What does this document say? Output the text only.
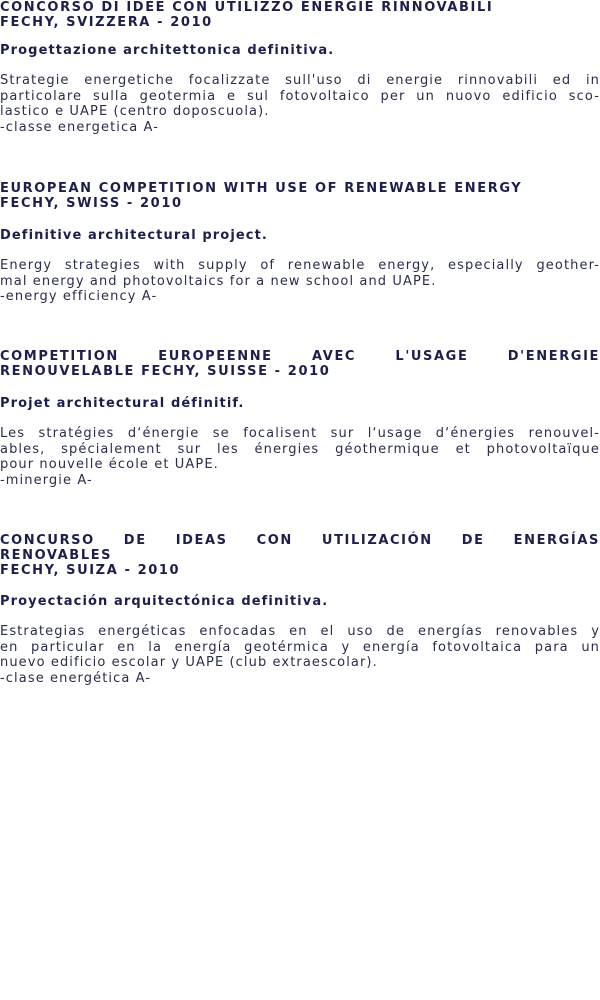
CONCORSO DI IDEE CON UTILIZZO ENERGIE RINNOVABILI
FECHY, SVIZZERA - 2010

Progettazione architettonica definitiva.

Strategie energetiche focalizzate sull'uso di energie rinnovabili ed in
particolare sulla geotermia e sul fotovoltaico per un nuovo edificio sco-
lastico e UAPE (centro doposcuola).
-classe energetica A-

EUROPEAN COMPETITION WITH USE OF RENEWABLE ENERGY
FECHY, SWISS - 2010

Definitive architectural project.

Energy strategies with supply of renewable energy, especially geother-
mal energy and photovoltaics for a new school and UAPE.
-energy efficiency A-

COMPETITION EUROPEENNE AVEC L'USAGE D'ENERGIE
RENOUVELABLE FECHY, SUISSE - 2010

Projet architectural définitif.

Les stratégies d‘énergie se focalisent sur l‘usage d‘énergies renouvel-
ables, spécialement sur les énergies géothermique et photovoltaïque
pour nouvelle école et UAPE.
-minergie A-

CONCURSO DE IDEAS CON UTILIZACIÓN DE ENERGÍAS
RENOVABLES
FECHY, SUIZA - 2010

Proyectación arquitectónica definitiva.

Estrategias energéticas enfocadas en el uso de energías renovables y
en particular en la energía geotérmica y energía fotovoltaica para un
nuevo edificio escolar y UAPE (club extraescolar).
-clase energética A-
